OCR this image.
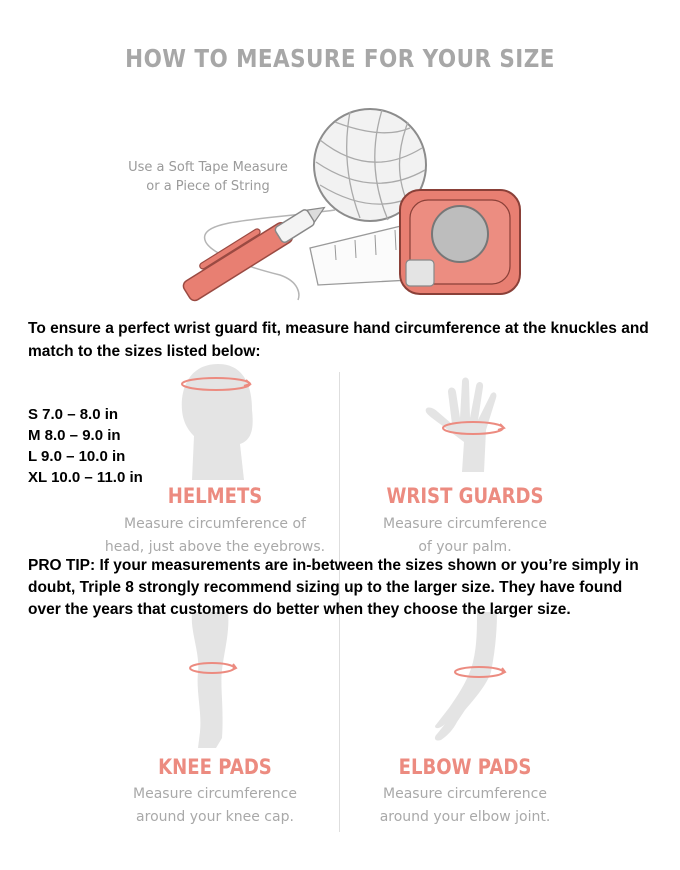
HOW TO MEASURE FOR YOUR SIZE
Use a Soft Tape Measure
or a Piece of String
To ensure a perfect wrist guard fit, measure hand circumference at the knuckles and match to the sizes listed below:
S 7.0 – 8.0 in
M 8.0 – 9.0 in
L 9.0 – 10.0 in
XL 10.0 – 11.0 in
HELMETS	WRIST GUARDS
Measure circumference of
head, just above the eyebrows.
Measure circumference
of your palm.
PRO TIP: If your measurements are in-between the sizes shown or you’re simply in doubt, Triple 8 strongly recommend sizing up to the larger size. They have found over the years that customers do better when they choose the larger size.
KNEE PADS	ELBOW PADS
Measure circumference
around your knee cap.
Measure circumference
around your elbow joint.
